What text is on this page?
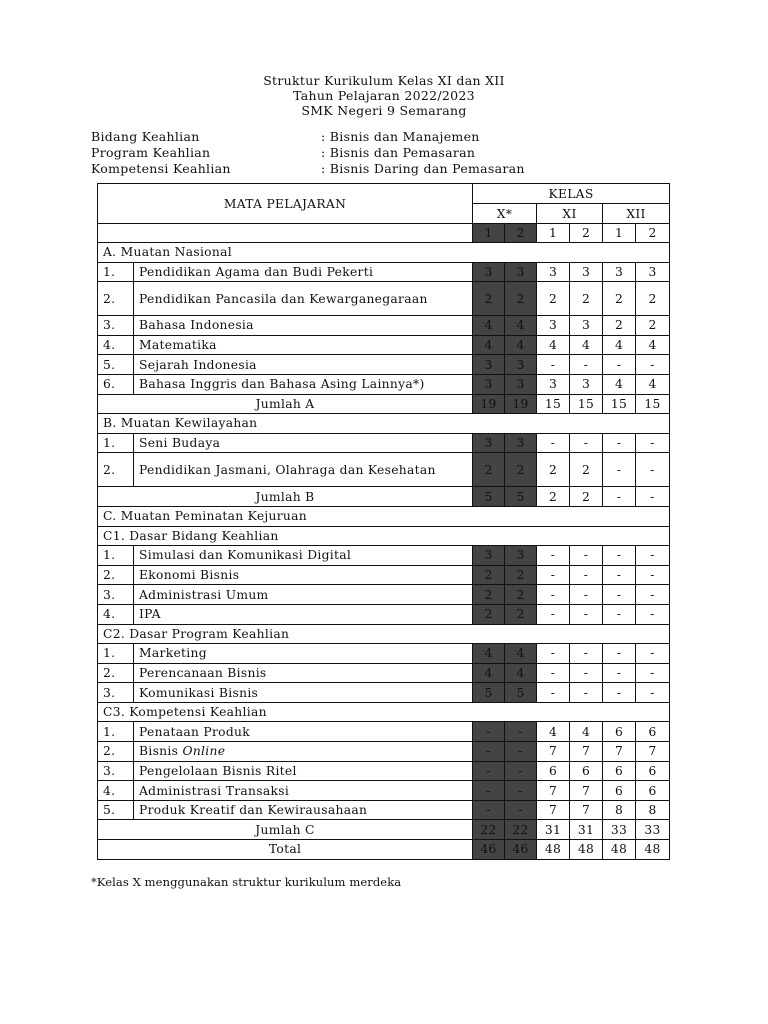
Struktur Kurikulum Kelas XI dan XII
Tahun Pelajaran 2022/2023
SMK Negeri 9 Semarang
Bidang Keahlian	: Bisnis dan Manajemen
Program Keahlian	: Bisnis dan Pemasaran
Kompetensi Keahlian	: Bisnis Daring dan Pemasaran
MATA PELAJARAN		KELAS					
		X*		XI		XII	
		1	2	1	2	1	2
A. Muatan Nasional							
1.	Pendidikan Agama dan Budi Pekerti	3	3	3	3	3	3
2.	Pendidikan Pancasila dan Kewarganegaraan	2	2	2	2	2	2
3.	Bahasa Indonesia	4	4	3	3	2	2
4.	Matematika	4	4	4	4	4	4
5.	Sejarah Indonesia	3	3	-	-	-	-
6.	Bahasa Inggris dan Bahasa Asing Lainnya*)	3	3	3	3	4	4
Jumlah A		19	19	15	15	15	15
B. Muatan Kewilayahan							
1.	Seni Budaya	3	3	-	-	-	-
2.	Pendidikan Jasmani, Olahraga dan Kesehatan	2	2	2	2	-	-
Jumlah B		5	5	2	2	-	-
C. Muatan Peminatan Kejuruan							
C1. Dasar Bidang Keahlian							
1.	Simulasi dan Komunikasi Digital	3	3	-	-	-	-
2.	Ekonomi Bisnis	2	2	-	-	-	-
3.	Administrasi Umum	2	2	-	-	-	-
4.	IPA	2	2	-	-	-	-
C2. Dasar Program Keahlian							
1.	Marketing	4	4	-	-	-	-
2.	Perencanaan Bisnis	4	4	-	-	-	-
3.	Komunikasi Bisnis	5	5	-	-	-	-
C3. Kompetensi Keahlian							
1.	Penataan Produk	-	-	4	4	6	6
2.	Bisnis Online	-	-	7	7	7	7
3.	Pengelolaan Bisnis Ritel	-	-	6	6	6	6
4.	Administrasi Transaksi	-	-	7	7	6	6
5.	Produk Kreatif dan Kewirausahaan	-	-	7	7	8	8
Jumlah C		22	22	31	31	33	33
Total		46	46	48	48	48	48
*Kelas X menggunakan struktur kurikulum merdeka
